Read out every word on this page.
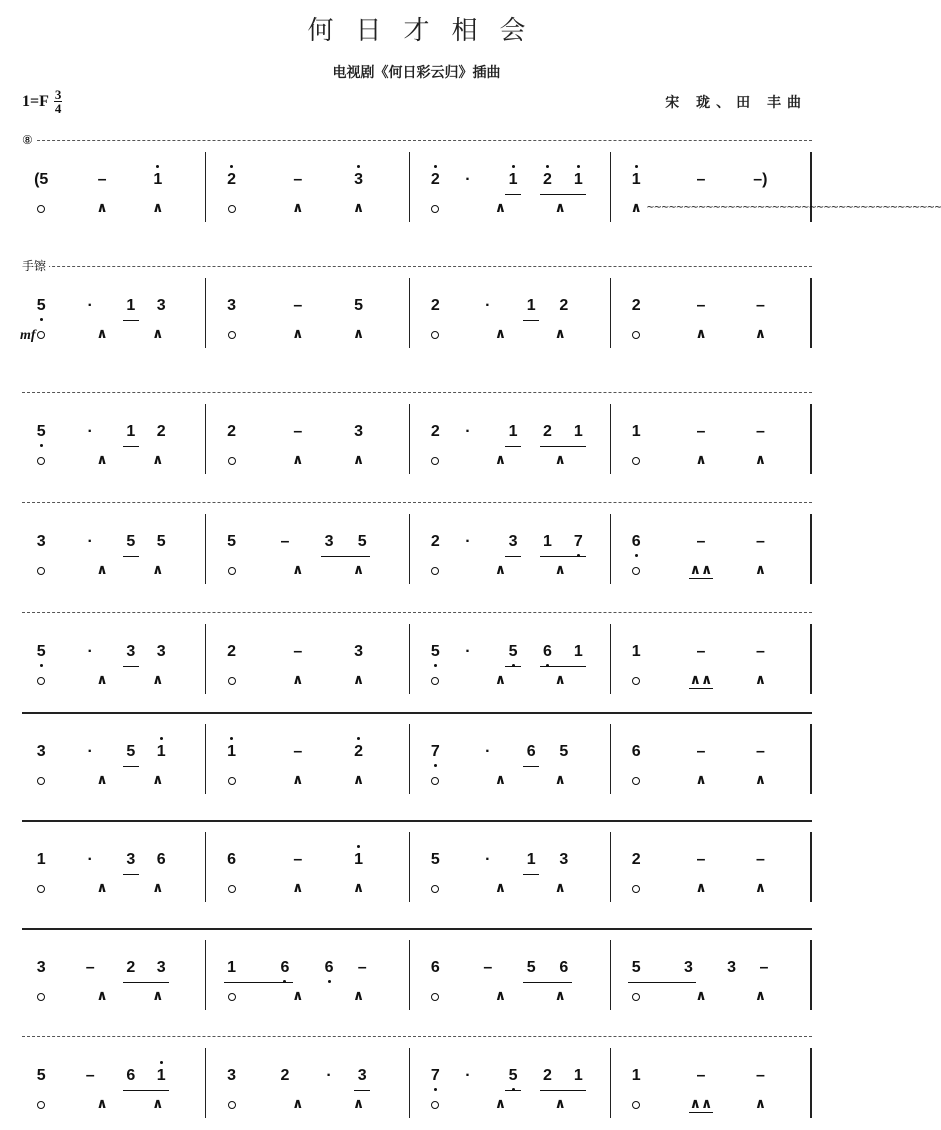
何日才相会
电视剧《何日彩云归》插曲
$1=F \frac{3}{4}$	宋 珑、田 丰曲
(5	–	1
∧	∧
2	–	3
∧	∧
2	·	1	2	1
∧	∧
1	–	–)
∧ ∼∼∼∼∼∼∼∼∼∼∼∼∼∼∼∼∼∼∼∼∼∼∼∼∼∼∼∼∼∼∼∼∼∼∼∼∼∼∼∼
5	·	1	3
∧	∧
3	–	5
∧	∧
2	·	1	2
∧	∧
2	–	–
∧	∧
5	·	1	2
∧	∧
2	–	3
∧	∧
2	·	1	2	1
∧	∧
1	–	–
∧	∧
3	·	5	5
∧	∧
5	–	3	5
∧	∧
2	·	3	1	7
∧	∧
6	–	–
∧∧	∧
5	·	3	3
∧	∧
2	–	3
∧	∧
5	·	5	6	1
∧	∧
1	–	–
∧∧	∧
3	·	5	1
∧	∧
1	–	2
∧	∧
7	·	6	5
∧	∧
6	–	–
∧	∧
1	·	3	6
∧	∧
6	–	1
∧	∧
5	·	1	3
∧	∧
2	–	–
∧	∧
3	–	2	3
∧	∧
1	6	6	–
∧	∧
6	–	5	6
∧	∧
5	3	3	–
∧	∧
5	–	6	1
∧	∧
3	2	·	3
∧	∧
7	·	5	2	1
∧	∧
1	–	–
∧∧	∧
⑧
手镲
mf
